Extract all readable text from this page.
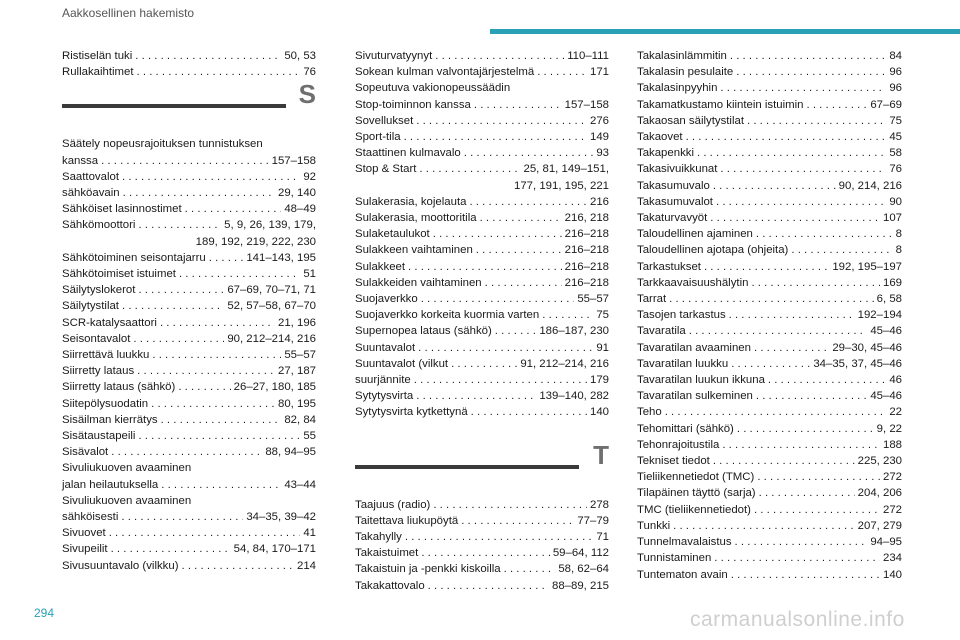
Aakkosellinen hakemisto
Ristiselän tuki . . .	50, 53
Rullakaihtimet . . .	76
S
Säätely nopeusrajoituksen tunnistuksen
kanssa . . .	157–158
Saattovalot . . .	92
sähköavain . . .	29, 140
Sähköiset lasinnostimet . . .	48–49
Sähkömoottori . . .	5, 9, 26, 139, 179,
189, 192, 219, 222, 230
Sähkötoiminen seisontajarru . . .	141–143, 195
Sähkötoimiset istuimet . . .	51
Säilytyslokerot . . .	67–69, 70–71, 71
Säilytystilat . . .	52, 57–58, 67–70
SCR-katalysaattori . . .	21, 196
Seisontavalot . . .	90, 212–214, 216
Siirrettävä luukku . . .	55–57
Siirretty lataus . . .	27, 187
Siirretty lataus (sähkö) . . .	26–27, 180, 185
Siitepölysuodatin . . .	80, 195
Sisäilman kierrätys . . .	82, 84
Sisätaustapeili . . .	55
Sisävalot . . .	88, 94–95
Sivuliukuoven avaaminen
jalan heilautuksella . . .	43–44
Sivuliukuoven avaaminen
sähköisesti . . .	34–35, 39–42
Sivuovet . . .	41
Sivupeilit . . .	54, 84, 170–171
Sivusuuntavalo (vilkku) . . .	214
Sivuturvatyynyt . . .	110–111
Sokean kulman valvontajärjestelmä . . .	171
Sopeutuva vakionopeussäädin
Stop-toiminnon kanssa . . .	157–158
Sovellukset . . .	276
Sport-tila . . .	149
Staattinen kulmavalo . . .	93
Stop & Start . . .	25, 81, 149–151,
177, 191, 195, 221
Sulakerasia, kojelauta . . .	216
Sulakerasia, moottoritila . . .	216, 218
Sulaketaulukot . . .	216–218
Sulakkeen vaihtaminen . . .	216–218
Sulakkeet . . .	216–218
Sulakkeiden vaihtaminen . . .	216–218
Suojaverkko . . .	55–57
Suojaverkko korkeita kuormia varten . . .	75
Supernopea lataus (sähkö) . . .	186–187, 230
Suuntavalot . . .	91
Suuntavalot (vilkut . . .	91, 212–214, 216
suurjännite . . .	179
Sytytysvirta . . .	139–140, 282
Sytytysvirta kytkettynä . . .	140
T
Taajuus (radio) . . .	278
Taitettava liukupöytä . . .	77–79
Takahylly . . .	71
Takaistuimet . . .	59–64, 112
Takaistuin ja -penkki kiskoilla . . .	58, 62–64
Takakattovalo . . .	88–89, 215
Takalasinlämmitin . . .	84
Takalasin pesulaite . . .	96
Takalasinpyyhin . . .	96
Takamatkustamo kiintein istuimin . . .	67–69
Takaosan säilytystilat . . .	75
Takaovet . . .	45
Takapenkki . . .	58
Takasivuikkunat . . .	76
Takasumuvalo . . .	90, 214, 216
Takasumuvalot . . .	90
Takaturvavyöt . . .	107
Taloudellinen ajaminen . . .	8
Taloudellinen ajotapa (ohjeita) . . .	8
Tarkastukset . . .	192, 195–197
Tarkkaavaisuushälytin . . .	169
Tarrat . . .	6, 58
Tasojen tarkastus . . .	192–194
Tavaratila . . .	45–46
Tavaratilan avaaminen . . .	29–30, 45–46
Tavaratilan luukku . . .	34–35, 37, 45–46
Tavaratilan luukun ikkuna . . .	46
Tavaratilan sulkeminen . . .	45–46
Teho . . .	22
Tehomittari (sähkö) . . .	9, 22
Tehonrajoitustila . . .	188
Tekniset tiedot . . .	225, 230
Tieliikennetiedot (TMC) . . .	272
Tilapäinen täyttö (sarja) . . .	204, 206
TMC (tieliikennetiedot) . . .	272
Tunkki . . .	207, 279
Tunnelmavalaistus . . .	94–95
Tunnistaminen . . .	234
Tuntematon avain . . .	140
294	carmanualsonline.info
